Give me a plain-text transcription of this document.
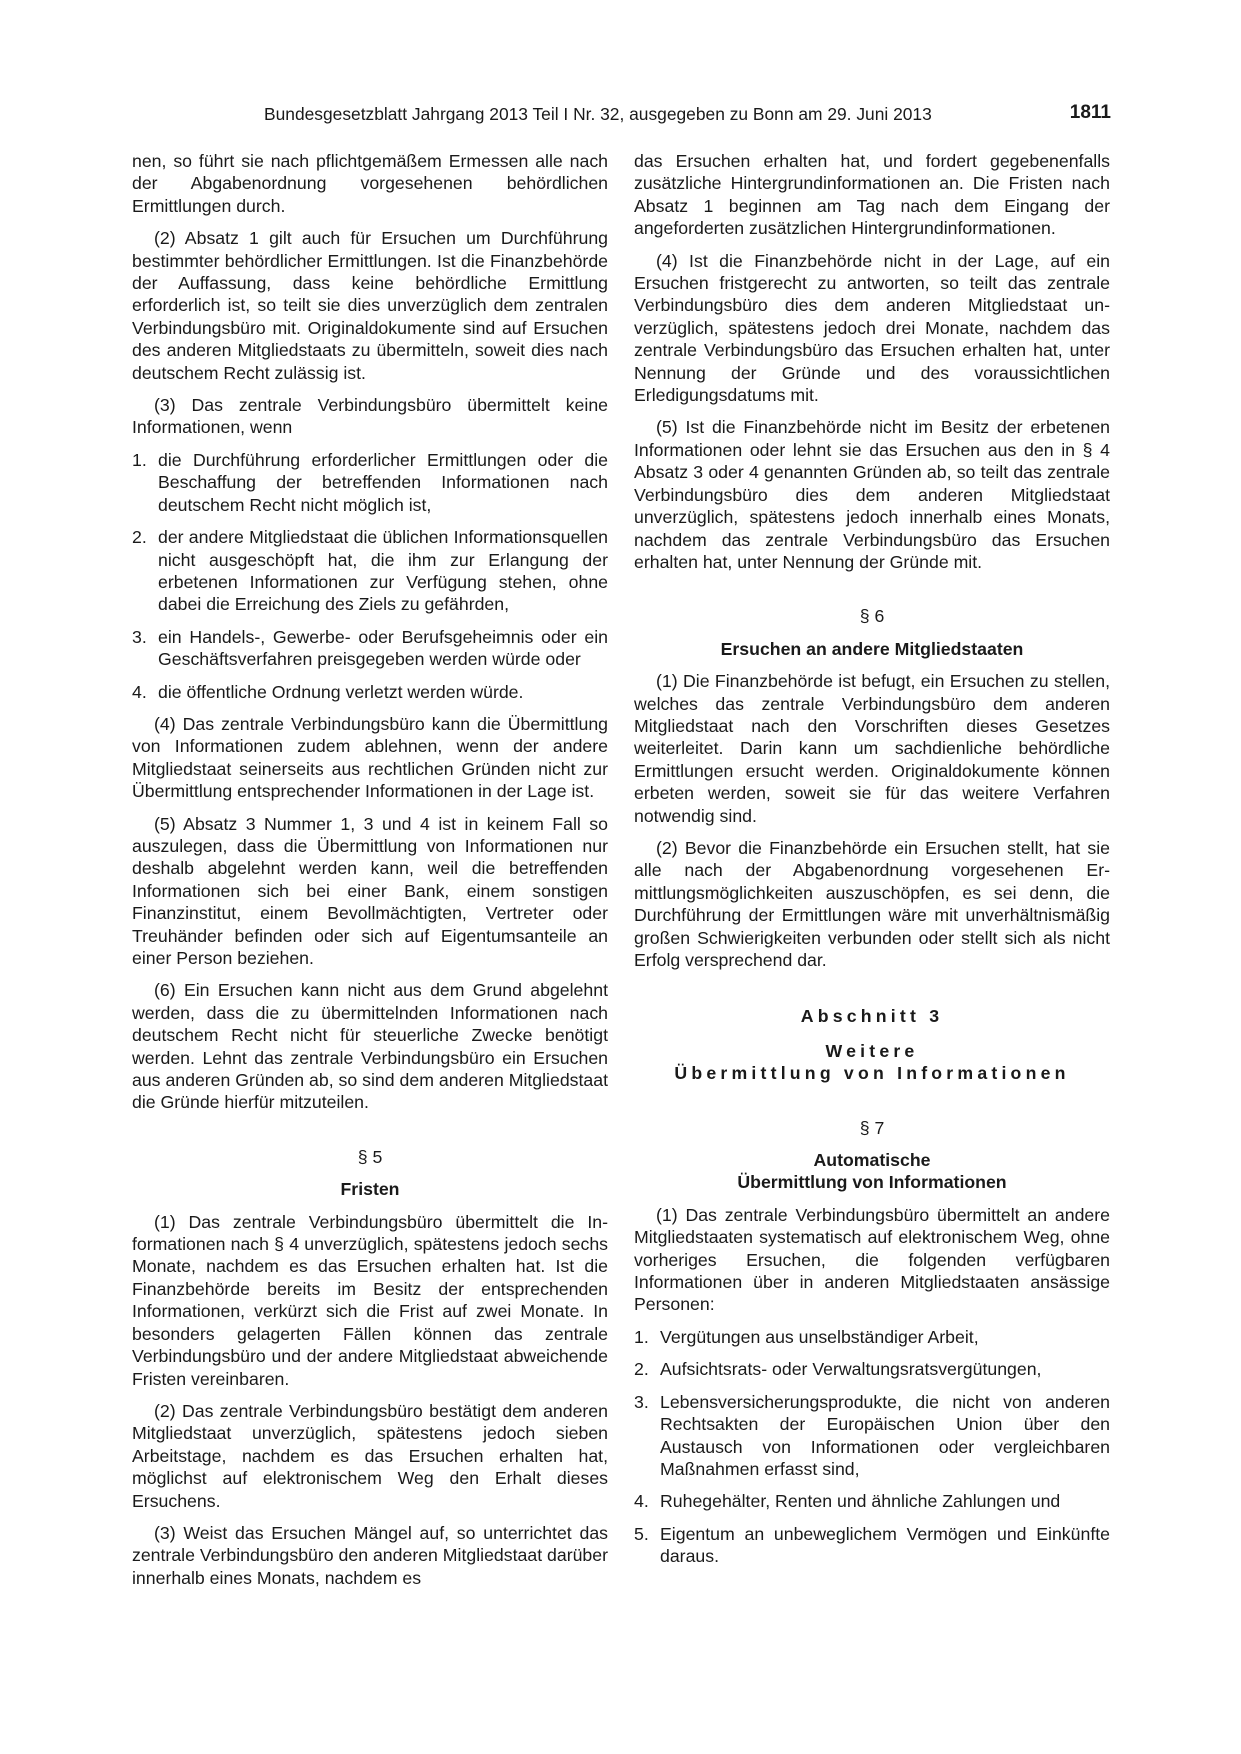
Bundesgesetzblatt Jahrgang 2013 Teil I Nr. 32, ausgegeben zu Bonn am 29. Juni 2013	1811

nen, so führt sie nach pflichtgemäßem Ermessen alle nach der Abgabenordnung vorgesehenen behördlichen Ermittlungen durch.

(2) Absatz 1 gilt auch für Ersuchen um Durchführung bestimmter behördlicher Ermittlungen. Ist die Finanzbehörde der Auffassung, dass keine behördliche Ermittlung erforderlich ist, so teilt sie dies unverzüglich dem zentralen Verbindungsbüro mit. Originaldokumente sind auf Ersuchen des anderen Mitgliedstaats zu übermitteln, soweit dies nach deutschem Recht zulässig ist.

(3) Das zentrale Verbindungsbüro übermittelt keine Informationen, wenn

1. die Durchführung erforderlicher Ermittlungen oder die Beschaffung der betreffenden Informationen nach deutschem Recht nicht möglich ist,
2. der andere Mitgliedstaat die üblichen Informationsquellen nicht ausgeschöpft hat, die ihm zur Erlangung der erbetenen Informationen zur Verfügung stehen, ohne dabei die Erreichung des Ziels zu gefährden,
3. ein Handels-, Gewerbe- oder Berufsgeheimnis oder ein Geschäftsverfahren preisgegeben werden würde oder
4. die öffentliche Ordnung verletzt werden würde.

(4) Das zentrale Verbindungsbüro kann die Übermittlung von Informationen zudem ablehnen, wenn der andere Mitgliedstaat seinerseits aus rechtlichen Gründen nicht zur Übermittlung entsprechender Informationen in der Lage ist.

(5) Absatz 3 Nummer 1, 3 und 4 ist in keinem Fall so auszulegen, dass die Übermittlung von Informationen nur deshalb abgelehnt werden kann, weil die betreffenden Informationen sich bei einer Bank, einem sonstigen Finanzinstitut, einem Bevollmächtigten, Vertreter oder Treuhänder befinden oder sich auf Eigentumsanteile an einer Person beziehen.

(6) Ein Ersuchen kann nicht aus dem Grund abgelehnt werden, dass die zu übermittelnden Informationen nach deutschem Recht nicht für steuerliche Zwecke benötigt werden. Lehnt das zentrale Verbindungsbüro ein Ersuchen aus anderen Gründen ab, so sind dem anderen Mitgliedstaat die Gründe hierfür mitzuteilen.

§ 5
Fristen

(1) Das zentrale Verbindungsbüro übermittelt die Informationen nach § 4 unverzüglich, spätestens jedoch sechs Monate, nachdem es das Ersuchen erhalten hat. Ist die Finanzbehörde bereits im Besitz der entsprechenden Informationen, verkürzt sich die Frist auf zwei Monate. In besonders gelagerten Fällen können das zentrale Verbindungsbüro und der andere Mitgliedstaat abweichende Fristen vereinbaren.

(2) Das zentrale Verbindungsbüro bestätigt dem anderen Mitgliedstaat unverzüglich, spätestens jedoch sieben Arbeitstage, nachdem es das Ersuchen erhalten hat, möglichst auf elektronischem Weg den Erhalt dieses Ersuchens.

(3) Weist das Ersuchen Mängel auf, so unterrichtet das zentrale Verbindungsbüro den anderen Mitgliedstaat darüber innerhalb eines Monats, nachdem es

das Ersuchen erhalten hat, und fordert gegebenenfalls zusätzliche Hintergrundinformationen an. Die Fristen nach Absatz 1 beginnen am Tag nach dem Eingang der angeforderten zusätzlichen Hintergrundinformationen.

(4) Ist die Finanzbehörde nicht in der Lage, auf ein Ersuchen fristgerecht zu antworten, so teilt das zentrale Verbindungsbüro dies dem anderen Mitgliedstaat unverzüglich, spätestens jedoch drei Monate, nachdem das zentrale Verbindungsbüro das Ersuchen erhalten hat, unter Nennung der Gründe und des voraussichtlichen Erledigungsdatums mit.

(5) Ist die Finanzbehörde nicht im Besitz der erbetenen Informationen oder lehnt sie das Ersuchen aus den in § 4 Absatz 3 oder 4 genannten Gründen ab, so teilt das zentrale Verbindungsbüro dies dem anderen Mitgliedstaat unverzüglich, spätestens jedoch innerhalb eines Monats, nachdem das zentrale Verbindungsbüro das Ersuchen erhalten hat, unter Nennung der Gründe mit.

§ 6
Ersuchen an andere Mitgliedstaaten

(1) Die Finanzbehörde ist befugt, ein Ersuchen zu stellen, welches das zentrale Verbindungsbüro dem anderen Mitgliedstaat nach den Vorschriften dieses Gesetzes weiterleitet. Darin kann um sachdienliche behördliche Ermittlungen ersucht werden. Originaldokumente können erbeten werden, soweit sie für das weitere Verfahren notwendig sind.

(2) Bevor die Finanzbehörde ein Ersuchen stellt, hat sie alle nach der Abgabenordnung vorgesehenen Ermittlungsmöglichkeiten auszuschöpfen, es sei denn, die Durchführung der Ermittlungen wäre mit unverhältnismäßig großen Schwierigkeiten verbunden oder stellt sich als nicht Erfolg versprechend dar.

Abschnitt 3
Weitere
Übermittlung von Informationen
§ 7
Automatische
Übermittlung von Informationen

(1) Das zentrale Verbindungsbüro übermittelt an andere Mitgliedstaaten systematisch auf elektronischem Weg, ohne vorheriges Ersuchen, die folgenden verfügbaren Informationen über in anderen Mitgliedstaaten ansässige Personen:

1. Vergütungen aus unselbständiger Arbeit,
2. Aufsichtsrats- oder Verwaltungsratsvergütungen,
3. Lebensversicherungsprodukte, die nicht von anderen Rechtsakten der Europäischen Union über den Austausch von Informationen oder vergleichbaren Maßnahmen erfasst sind,
4. Ruhegehälter, Renten und ähnliche Zahlungen und
5. Eigentum an unbeweglichem Vermögen und Einkünfte daraus.
